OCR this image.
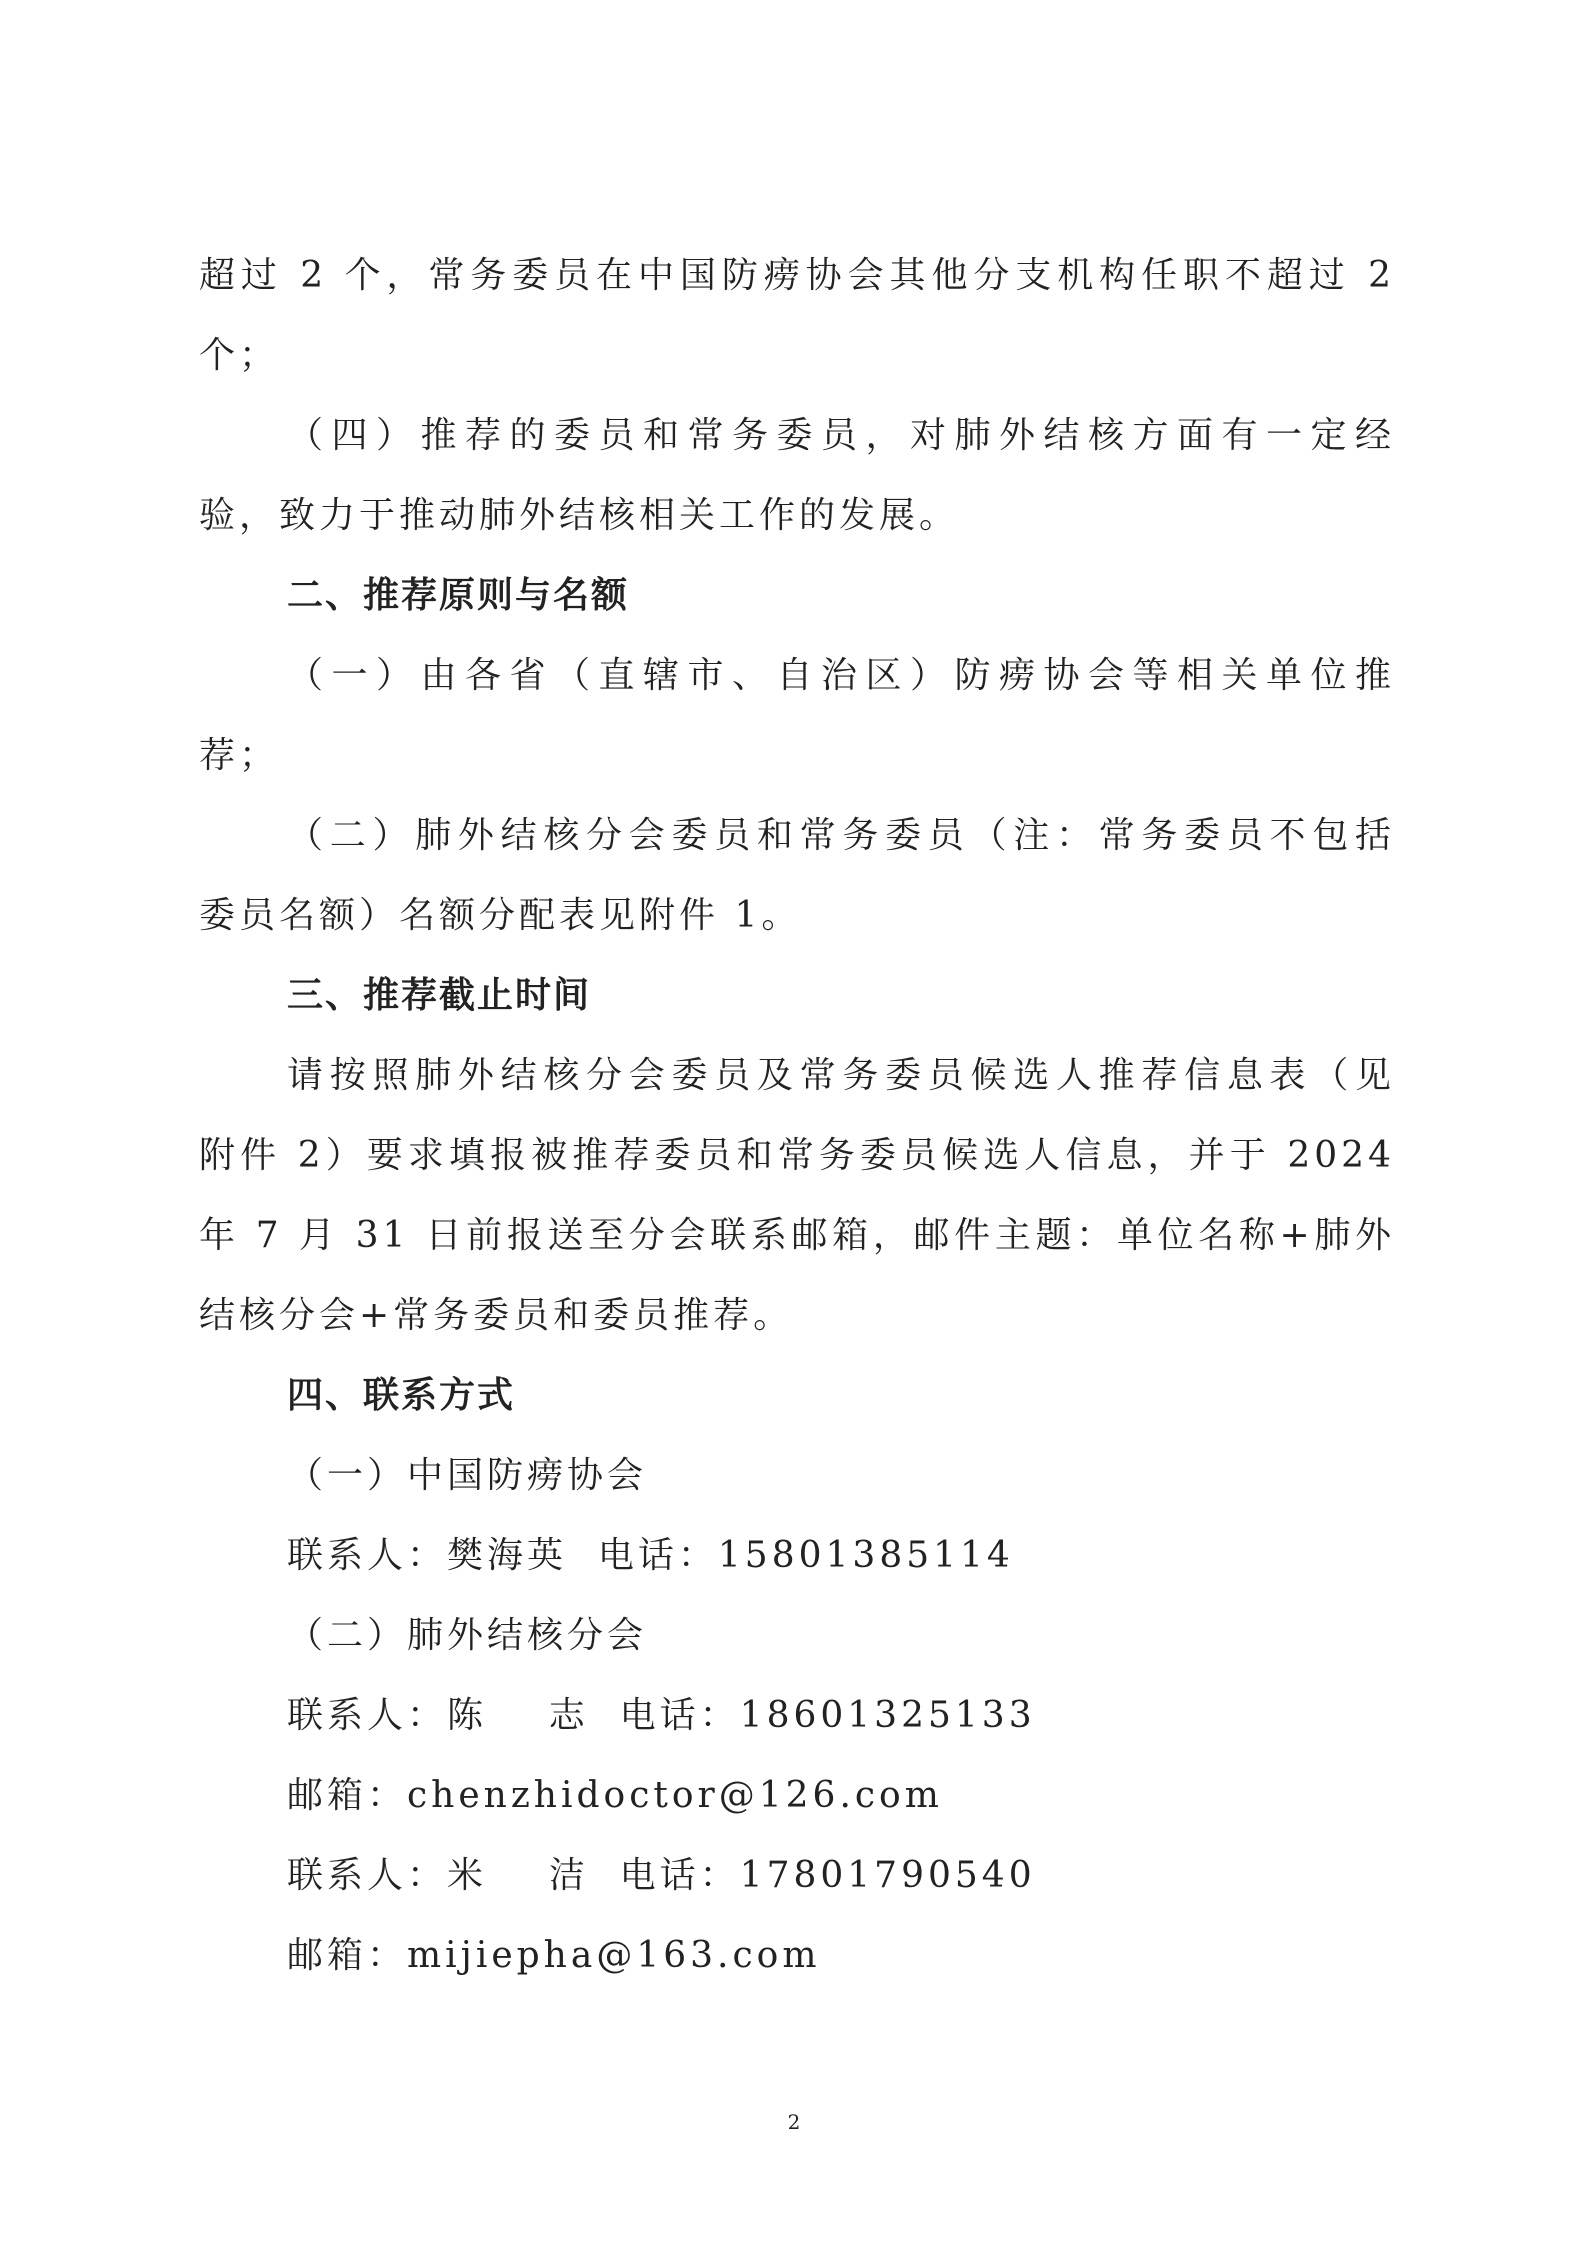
超过 2 个，常务委员在中国防痨协会其他分支机构任职不超过 2
个；
（四）推荐的委员和常务委员，对肺外结核方面有一定经
验，致力于推动肺外结核相关工作的发展。
二、推荐原则与名额
（一）由各省（直辖市、自治区）防痨协会等相关单位推
荐；
（二）肺外结核分会委员和常务委员（注：常务委员不包括
委员名额）名额分配表见附件 1。
三、推荐截止时间
请按照肺外结核分会委员及常务委员候选人推荐信息表（见
附件 2）要求填报被推荐委员和常务委员候选人信息，并于 2024
年 7 月 31 日前报送至分会联系邮箱，邮件主题：单位名称+肺外
结核分会+常务委员和委员推荐。
四、联系方式
（一）中国防痨协会
联系人：樊海英  电话：15801385114
（二）肺外结核分会
联系人：陈    志  电话：18601325133
邮箱：chenzhidoctor@126.com
联系人：米    洁  电话：17801790540
邮箱：mijiepha@163.com
2
